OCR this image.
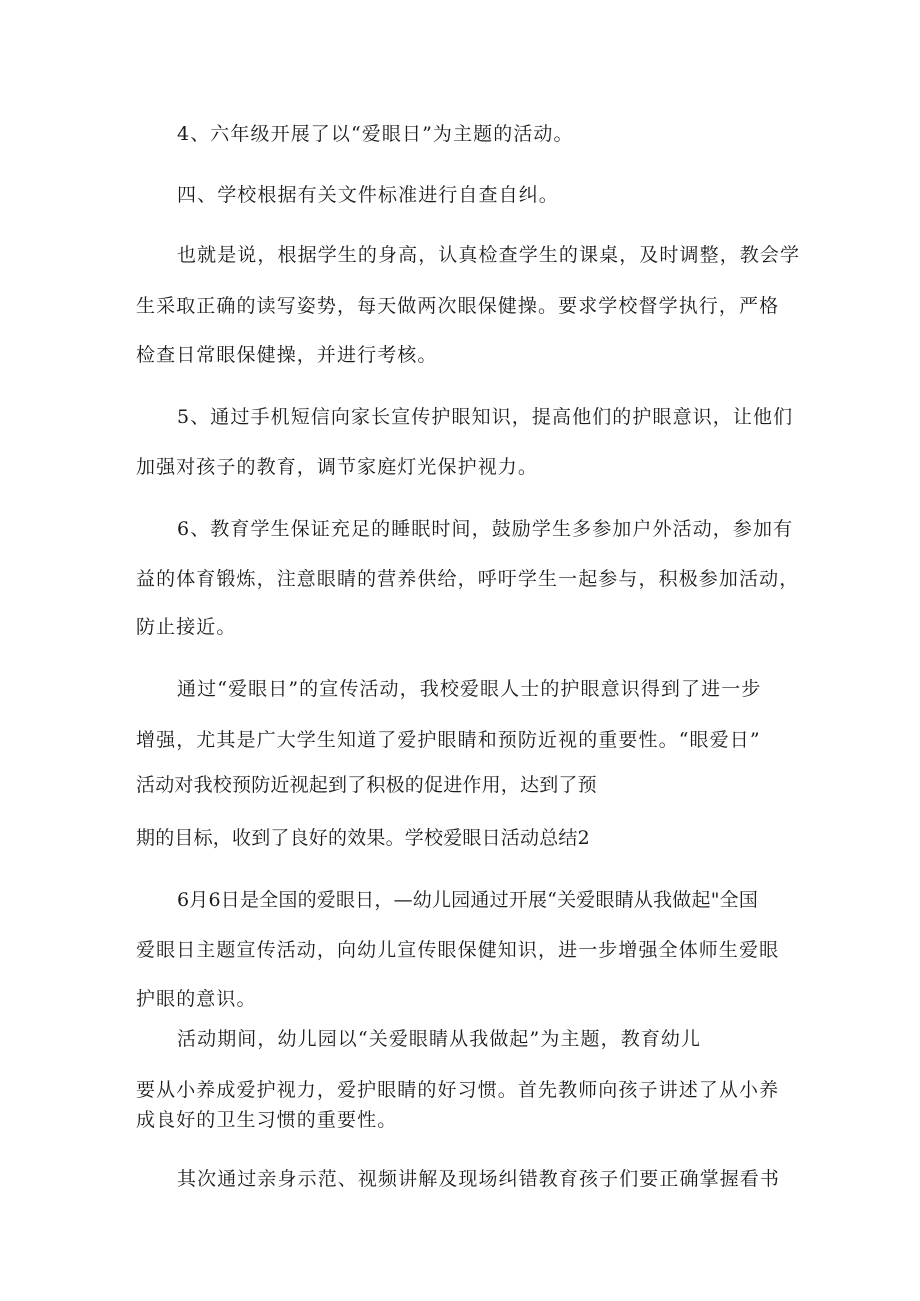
4、六年级开展了以“爱眼日”为主题的活动。
四、学校根据有关文件标准进行自查自纠。
也就是说，根据学生的身高，认真检查学生的课桌，及时调整，教会学
生采取正确的读写姿势，每天做两次眼保健操。要求学校督学执行，严格
检查日常眼保健操，并进行考核。
5、通过手机短信向家长宣传护眼知识，提高他们的护眼意识，让他们
加强对孩子的教育，调节家庭灯光保护视力。
6、教育学生保证充足的睡眠时间，鼓励学生多参加户外活动，参加有
益的体育锻炼，注意眼睛的营养供给，呼吁学生一起参与，积极参加活动，
防止接近。
通过“爱眼日”的宣传活动，我校爱眼人士的护眼意识得到了进一步
增强，尤其是广大学生知道了爱护眼睛和预防近视的重要性。“眼爱日”
活动对我校预防近视起到了积极的促进作用，达到了预
期的目标，收到了良好的效果。学校爱眼日活动总结2
6月6日是全国的爱眼日，—幼儿园通过开展“关爱眼睛从我做起"全国
爱眼日主题宣传活动，向幼儿宣传眼保健知识，进一步增强全体师生爱眼
护眼的意识。
活动期间，幼儿园以“关爱眼睛从我做起”为主题，教育幼儿
要从小养成爱护视力，爱护眼睛的好习惯。首先教师向孩子讲述了从小养
成良好的卫生习惯的重要性。
其次通过亲身示范、视频讲解及现场纠错教育孩子们要正确掌握看书
